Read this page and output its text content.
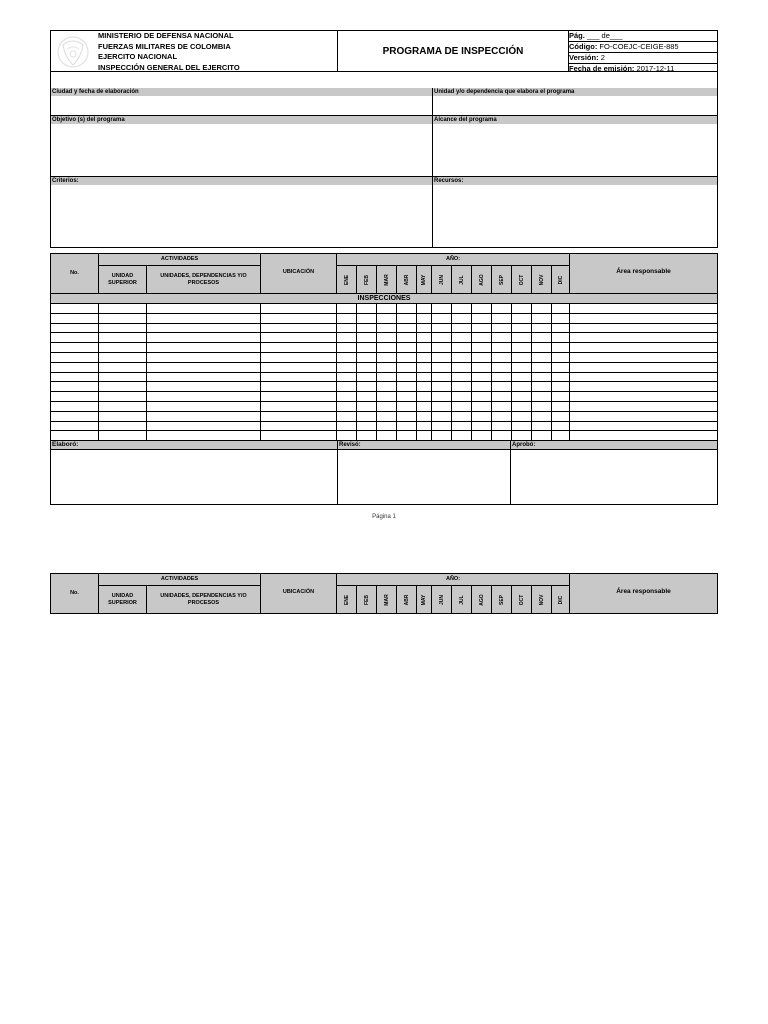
MINISTERIO DE DEFENSA NACIONAL
FUERZAS MILITARES DE COLOMBIA
EJERCITO NACIONAL
INSPECCIÓN GENERAL DEL EJERCITO
PROGRAMA DE INSPECCIÓN
Pág. ___ de___
Código: FO-COEJC-CEIGE-885
Versión: 2
Fecha de emisión: 2017-12-11
Ciudad y fecha de elaboración	Unidad y/o dependencia que elabora el programa
Objetivo (s) del programa	Alcance del programa
Criterios:	Recursos:
No.
ACTIVIDADES
UNIDAD SUPERIOR
UNIDADES, DEPENDENCIAS Y/O PROCESOS
UBICACIÓN
AÑO:
ENE	FEB	MAR	ABR MAY JUN	JUL	AGO	SEP	OCT	NOV	DIC
Área responsable
INSPECCIONES
Elaboró:	Revisó:	Aprobó:
Página 1
No.
ACTIVIDADES
UNIDAD SUPERIOR
UNIDADES, DEPENDENCIAS Y/O PROCESOS
UBICACIÓN
AÑO:
ENE	FEB	MAR	ABR MAY JUN	JUL	AGO	SEP	OCT	NOV	DIC
Área responsable
